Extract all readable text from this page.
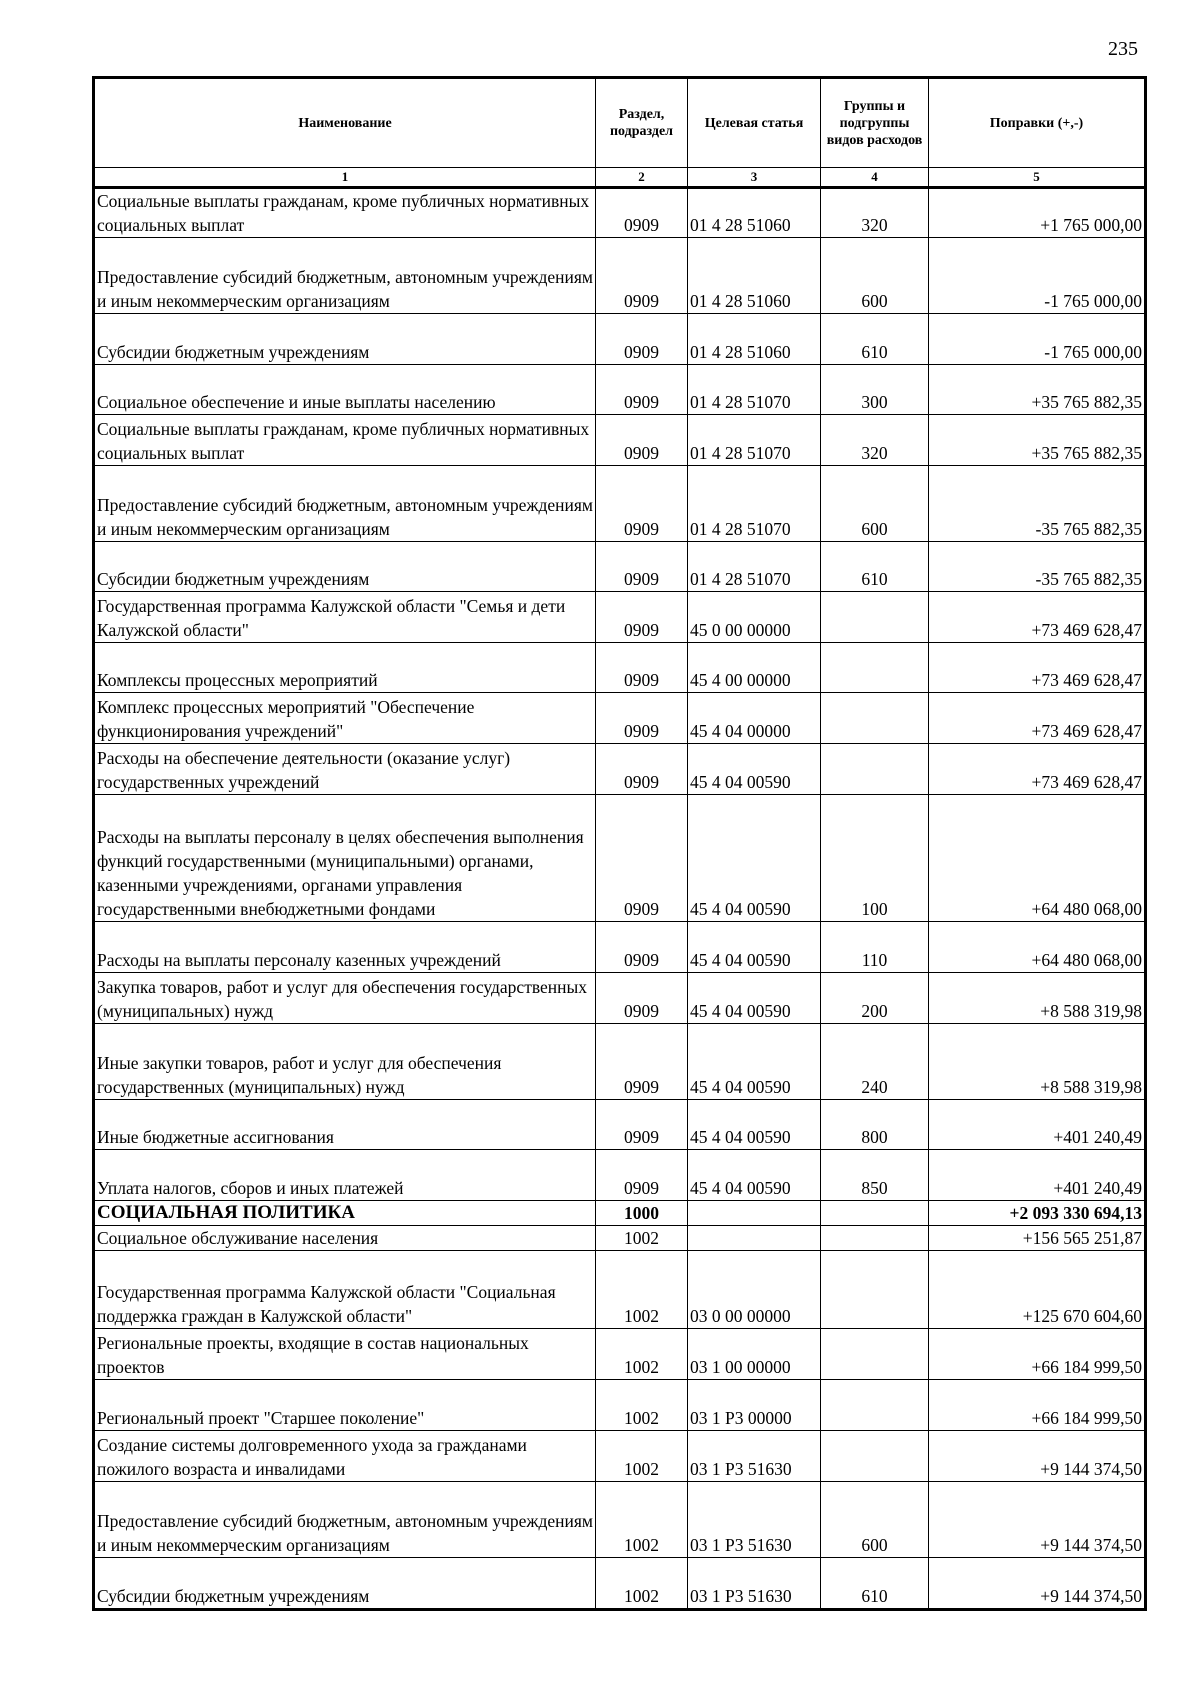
235
Наименование	Раздел, подраздел	Целевая статья	Группы и подгруппы видов расходов	Поправки (+,-)
1	2	3	4	5
Социальные выплаты гражданам, кроме публичных нормативных социальных выплат	0909	01 4 28 51060	320	+1 765 000,00
Предоставление субсидий бюджетным, автономным учреждениям и иным некоммерческим организациям	0909	01 4 28 51060	600	-1 765 000,00
Субсидии бюджетным учреждениям	0909	01 4 28 51060	610	-1 765 000,00
Социальное обеспечение и иные выплаты населению	0909	01 4 28 51070	300	+35 765 882,35
Социальные выплаты гражданам, кроме публичных нормативных социальных выплат	0909	01 4 28 51070	320	+35 765 882,35
Предоставление субсидий бюджетным, автономным учреждениям и иным некоммерческим организациям	0909	01 4 28 51070	600	-35 765 882,35
Субсидии бюджетным учреждениям	0909	01 4 28 51070	610	-35 765 882,35
Государственная программа Калужской области "Семья и дети Калужской области"	0909	45 0 00 00000		+73 469 628,47
Комплексы процессных мероприятий	0909	45 4 00 00000		+73 469 628,47
Комплекс процессных мероприятий "Обеспечение функционирования учреждений"	0909	45 4 04 00000		+73 469 628,47
Расходы на обеспечение деятельности (оказание услуг) государственных учреждений	0909	45 4 04 00590		+73 469 628,47
Расходы на выплаты персоналу в целях обеспечения выполнения функций государственными (муниципальными) органами, казенными учреждениями, органами управления государственными внебюджетными фондами	0909	45 4 04 00590	100	+64 480 068,00
Расходы на выплаты персоналу казенных учреждений	0909	45 4 04 00590	110	+64 480 068,00
Закупка товаров, работ и услуг для обеспечения государственных (муниципальных) нужд	0909	45 4 04 00590	200	+8 588 319,98
Иные закупки товаров, работ и услуг для обеспечения государственных (муниципальных) нужд	0909	45 4 04 00590	240	+8 588 319,98
Иные бюджетные ассигнования	0909	45 4 04 00590	800	+401 240,49
Уплата налогов, сборов и иных платежей	0909	45 4 04 00590	850	+401 240,49
СОЦИАЛЬНАЯ ПОЛИТИКА	1000			+2 093 330 694,13
Социальное обслуживание населения	1002			+156 565 251,87
Государственная программа Калужской области "Социальная поддержка граждан в Калужской области"	1002	03 0 00 00000		+125 670 604,60
Региональные проекты, входящие в состав национальных проектов	1002	03 1 00 00000		+66 184 999,50
Региональный проект "Старшее поколение"	1002	03 1 P3 00000		+66 184 999,50
Создание системы долговременного ухода за гражданами пожилого возраста и инвалидами	1002	03 1 P3 51630		+9 144 374,50
Предоставление субсидий бюджетным, автономным учреждениям и иным некоммерческим организациям	1002	03 1 P3 51630	600	+9 144 374,50
Субсидии бюджетным учреждениям	1002	03 1 P3 51630	610	+9 144 374,50
